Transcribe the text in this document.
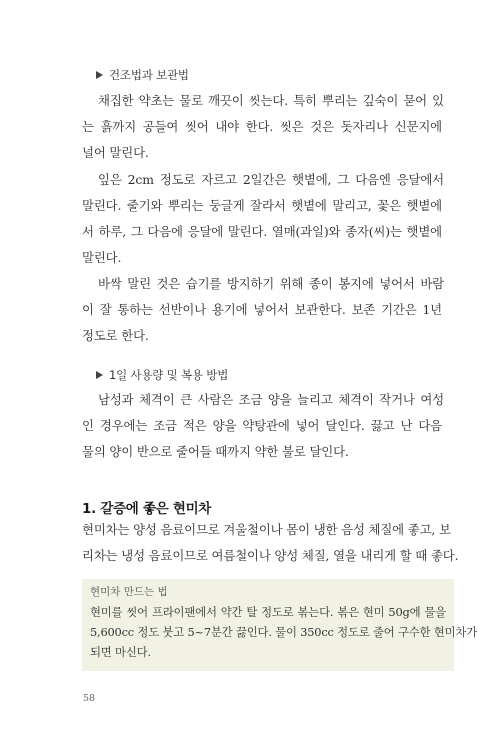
건조법과 보관법
채집한 약초는 물로 깨끗이 씻는다. 특히 뿌리는 깊숙이 묻어 있
는 흙까지 공들여 씻어 내야 한다. 씻은 것은 돗자리나 신문지에
널어 말린다.
잎은 2cm 정도로 자르고 2일간은 햇볕에, 그 다음엔 응달에서
말린다. 줄기와 뿌리는 둥글게 잘라서 햇볕에 말리고, 꽃은 햇볕에
서 하루, 그 다음에 응달에 말린다. 열매(과일)와 종자(씨)는 햇볕에
말린다.
바싹 말린 것은 습기를 방지하기 위해 종이 봉지에 넣어서 바람
이 잘 통하는 선반이나 용기에 넣어서 보관한다. 보존 기간은 1년
정도로 한다.
1일 사용량 및 복용 방법
남성과 체격이 큰 사람은 조금 양을 늘리고 체격이 작거나 여성
인 경우에는 조금 적은 양을 약탕관에 넣어 달인다. 끓고 난 다음
물의 양이 반으로 줄어들 때까지 약한 불로 달인다.
1. 갈증에 좋은 현미차
현미차는 양성 음료이므로 겨울철이나 몸이 냉한 음성 체질에 좋고, 보
리차는 냉성 음료이므로 여름철이나 양성 체질, 열을 내리게 할 때 좋다.
현미차 만드는 법
현미를 씻어 프라이팬에서 약간 탈 정도로 볶는다. 볶은 현미 50g에 물을
5,600cc 정도 붓고 5~7분간 끓인다. 물이 350cc 정도로 줄어 구수한 현미차가
되면 마신다.
58
